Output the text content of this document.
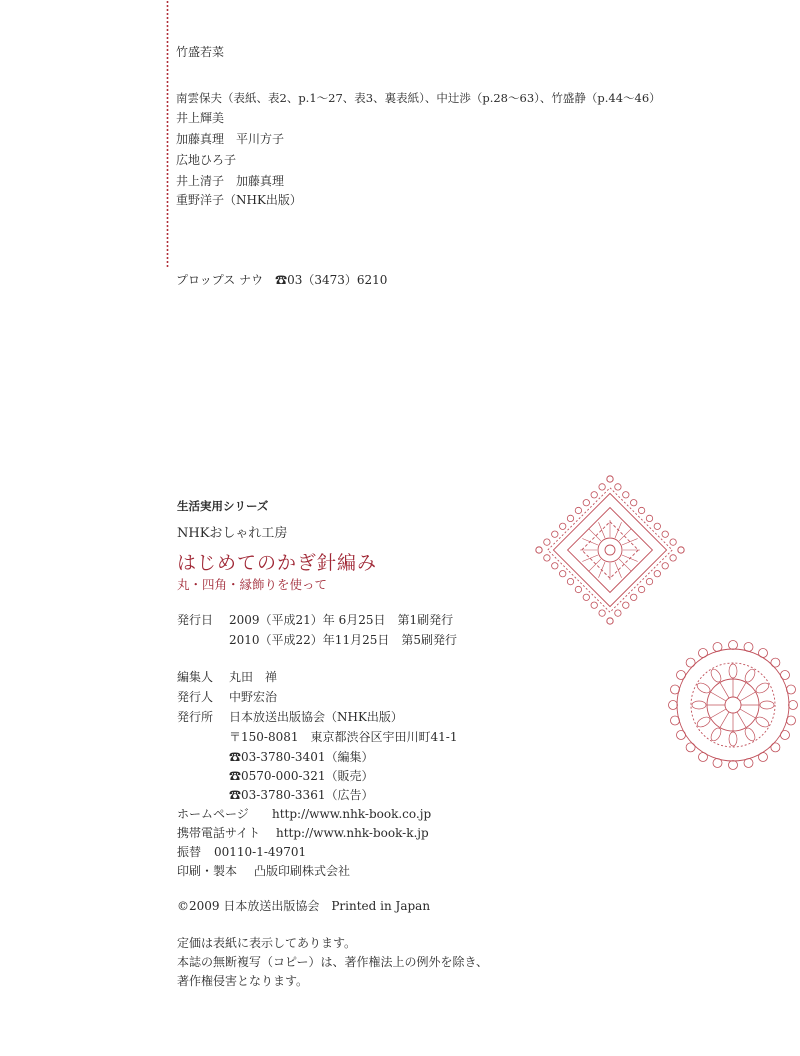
竹盛若菜
南雲保夫（表紙、表2、p.1～27、表3、裏表紙）、中辻渉（p.28～63）、竹盛静（p.44～46）
井上輝美
加藤真理　平川方子
広地ひろ子
井上清子　加藤真理
重野洋子（NHK出版）
プロップス ナウ　☎03（3473）6210
生活実用シリーズ
NHKおしゃれ工房
はじめてのかぎ針編み
丸・四角・縁飾りを使って
発行日 2009（平成21）年 6月25日　第1刷発行
2010（平成22）年11月25日　第5刷発行
編集人 丸田　禅
発行人 中野宏治
発行所 日本放送出版協会（NHK出版）
〒150-8081　東京都渋谷区宇田川町41-1
☎03-3780-3401（編集）
☎0570-000-321（販売）
☎03-3780-3361（広告）
ホームページ http://www.nhk-book.co.jp
携帯電話サイト http://www.nhk-book-k.jp
振替 00110-1-49701
印刷・製本 凸版印刷株式会社
©2009 日本放送出版協会　Printed in Japan
定価は表紙に表示してあります。
本誌の無断複写（コピー）は、著作権法上の例外を除き、
著作権侵害となります。
